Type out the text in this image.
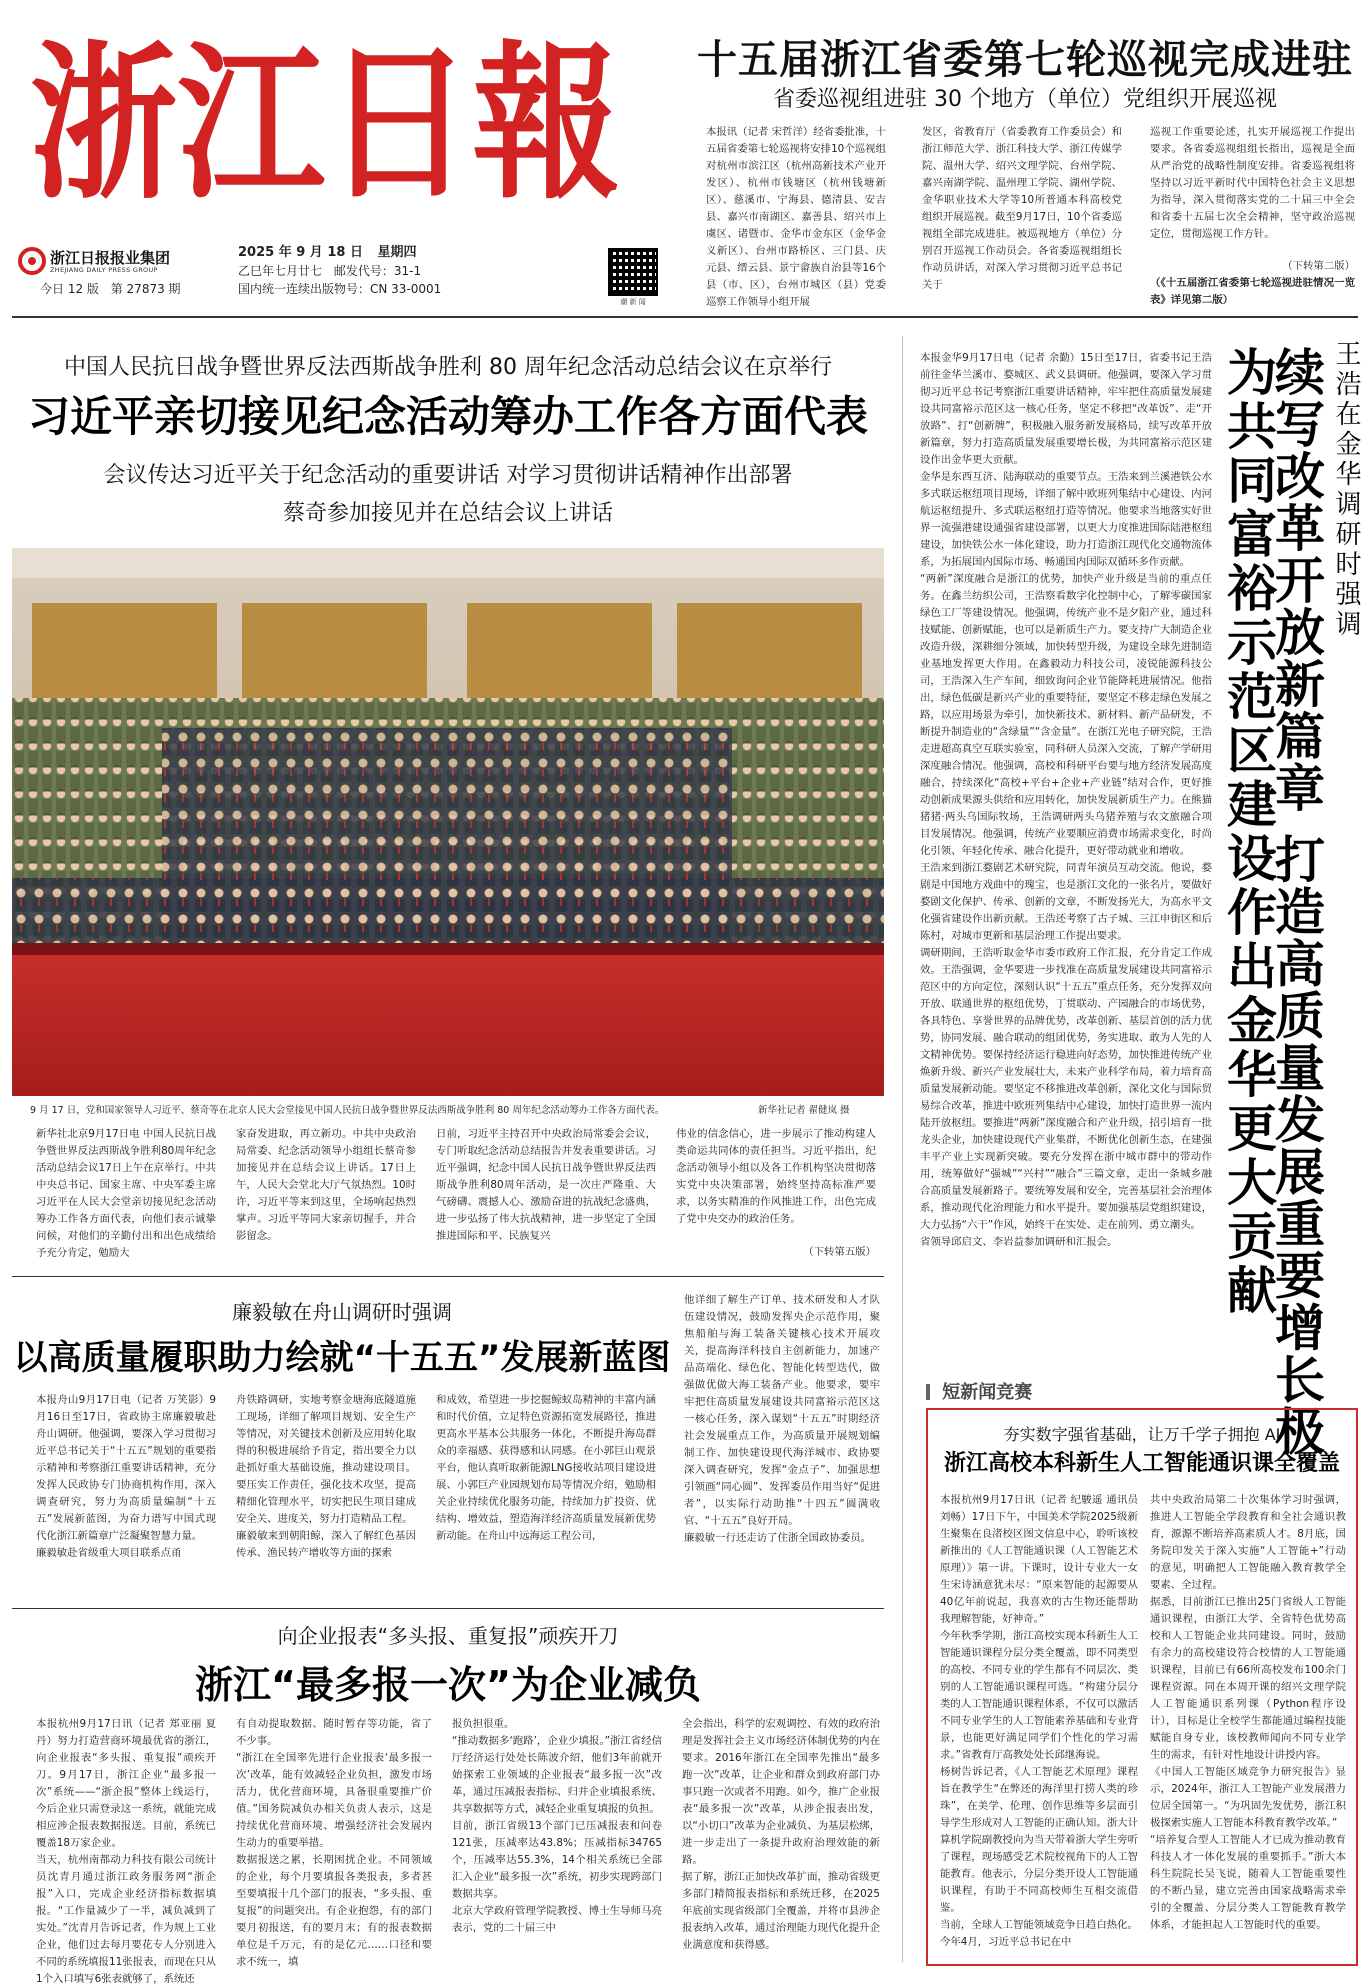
浙江日報
浙江日报报业集团
ZHEJIANG DAILY PRESS GROUP
今日 12 版 第 27873 期
2025 年 9 月 18 日 星期四
乙巳年七月廿七 邮发代号：31-1
国内统一连续出版物号：CN 33-0001
潮 新 闻
十五届浙江省委第七轮巡视完成进驻
省委巡视组进驻 30 个地方（单位）党组织开展巡视
本报讯（记者 宋哲洋）经省委批准，十五届省委第七轮巡视将安排10个巡视组对杭州市滨江区（杭州高新技术产业开发区）、杭州市钱塘区（杭州钱塘新区）、慈溪市、宁海县、德清县、安吉县、嘉兴市南湖区、嘉善县、绍兴市上虞区、诸暨市、金华市金东区（金华金义新区）、台州市路桥区、三门县、庆元县、缙云县、景宁畲族自治县等16个县（市、区），台州市城区（县）党委巡察工作领导小组开展
发区，省教育厅（省委教育工作委员会）和浙江师范大学、浙江科技大学、浙江传媒学院、温州大学、绍兴文理学院、台州学院、嘉兴南湖学院、温州理工学院、湖州学院、金华职业技术大学等10所普通本科高校党组织开展巡视。截至9月17日，10个省委巡视组全部完成进驻。被巡视地方（单位）分别召开巡视工作动员会。各省委巡视组组长作动员讲话，对深入学习贯彻习近平总书记关于
巡视工作重要论述，扎实开展巡视工作提出要求。各省委巡视组组长指出，巡视是全面从严治党的战略性制度安排。省委巡视组将坚持以习近平新时代中国特色社会主义思想为指导，深入贯彻落实党的二十届三中全会和省委十五届七次全会精神，坚守政治巡视定位，贯彻巡视工作方针。
（下转第二版）
（《十五届浙江省委第七轮巡视进驻情况一览表》详见第二版）
中国人民抗日战争暨世界反法西斯战争胜利 80 周年纪念活动总结会议在京举行
习近平亲切接见纪念活动筹办工作各方面代表
会议传达习近平关于纪念活动的重要讲话 对学习贯彻讲话精神作出部署
蔡奇参加接见并在总结会议上讲话
9 月 17 日，党和国家领导人习近平、蔡奇等在北京人民大会堂接见中国人民抗日战争暨世界反法西斯战争胜利 80 周年纪念活动筹办工作各方面代表。	新华社记者 翟健岚 摄
新华社北京9月17日电 中国人民抗日战争暨世界反法西斯战争胜利80周年纪念活动总结会议17日上午在京举行。中共中央总书记、国家主席、中央军委主席习近平在人民大会堂亲切接见纪念活动筹办工作各方面代表，向他们表示诚挚问候，对他们的辛勤付出和出色成绩给予充分肯定，勉励大
家奋发进取，再立新功。中共中央政治局常委、纪念活动领导小组组长蔡奇参加接见并在总结会议上讲话。17日上午，人民大会堂北大厅气氛热烈。10时许，习近平等来到这里，全场响起热烈掌声。习近平等同大家亲切握手，并合影留念。
日前，习近平主持召开中央政治局常委会会议，专门听取纪念活动总结报告并发表重要讲话。习近平强调，纪念中国人民抗日战争暨世界反法西斯战争胜利80周年活动，是一次庄严隆重、大气磅礴、震撼人心、激励奋进的抗战纪念盛典，进一步弘扬了伟大抗战精神，进一步坚定了全国推进国际和平、民族复兴
伟业的信念信心，进一步展示了推动构建人类命运共同体的责任担当。习近平指出，纪念活动领导小组以及各工作机构坚决贯彻落实党中央决策部署，始终坚持高标准严要求，以务实精准的作风推进工作，出色完成了党中央交办的政治任务。
（下转第五版）
本报金华9月17日电（记者 余勤）15日至17日，省委书记王浩前往金华兰溪市、婺城区、武义县调研。他强调，要深入学习贯彻习近平总书记考察浙江重要讲话精神，牢牢把住高质量发展建设共同富裕示范区这一核心任务，坚定不移把“改革饭”、走“开放路”、打“创新牌”，积极融入服务新发展格局，续写改革开放新篇章，努力打造高质量发展重要增长极，为共同富裕示范区建设作出金华更大贡献。
金华是东西互济、陆海联动的重要节点。王浩来到兰溪港铁公水多式联运枢纽项目现场，详细了解中欧班列集结中心建设、内河航运枢纽提升、多式联运枢纽打造等情况。他要求当地落实好世界一流强港建设通强省建设部署，以更大力度推进国际陆港枢纽建设，加快铁公水一体化建设，助力打造浙江现代化交通物流体系，为拓展国内国际市场、畅通国内国际双循环多作贡献。
“两新”深度融合是浙江的优势，加快产业升级是当前的重点任务。在鑫兰纺织公司，王浩察看数字化控制中心，了解零碳国家绿色工厂等建设情况。他强调，传统产业不是夕阳产业，通过科技赋能、创新赋能，也可以是新质生产力。要支持广大制造企业改造升级，深耕细分领域，加快转型升级，为建设全球先进制造业基地发挥更大作用。在鑫毅动力科技公司，凌锐能源科技公司，王浩深入生产车间，细致询问企业节能降耗进展情况。他指出，绿色低碳是新兴产业的重要特征，要坚定不移走绿色发展之路，以应用场景为牵引，加快新技术、新材料、新产品研发，不断提升制造业的“含绿量”“含金量”。在浙江光电子研究院，王浩走进超高真空互联实验室，同科研人员深入交流，了解产学研用深度融合情况。他强调，高校和科研平台要与地方经济发展高度融合，持续深化“高校+平台+企业+产业链”结对合作，更好推动创新成果源头供给和应用转化，加快发展新质生产力。在熊猫猪猪·两头乌国际牧场，王浩调研两头乌猪养殖与农文旅融合项目发展情况。他强调，传统产业要顺应消费市场需求变化，时尚化引领、年轻化传承、融合化提升，更好带动就业和增收。
王浩来到浙江婺剧艺术研究院，同青年演员互动交流。他说，婺剧是中国地方戏曲中的瑰宝，也是浙江文化的一张名片，要做好婺剧文化保护、传承、创新的文章，不断发扬光大，为高水平文化强省建设作出新贡献。王浩还考察了古子城、三江申街区和后陈村，对城市更新和基层治理工作提出要求。
调研期间，王浩听取金华市委市政府工作汇报，充分肯定工作成效。王浩强调，金华要进一步找准在高质量发展建设共同富裕示范区中的方向定位，深刻认识“十五五”重点任务，充分发挥双向开放、联通世界的枢纽优势，丁贯联动、产园融合的市场优势，各具特色、享誉世界的品牌优势，改革创新、基层首创的活力优势，协同发展、融合联动的组团优势，务实进取、敢为人先的人文精神优势。要保持经济运行稳进向好态势，加快推进传统产业焕新升级、新兴产业发展壮大，未来产业科学布局，着力培育高质量发展新动能。要坚定不移推进改革创新，深化文化与国际贸易综合改革，推进中欧班列集结中心建设，加快打造世界一流内陆开放枢纽。要推进“两新”深度融合和产业升级，招引培育一批龙头企业，加快建设现代产业集群，不断优化创新生态，在建强丰平产业上实现新突破。要充分发挥在浙中城市群中的带动作用，统筹做好“强城”“兴村”“融合”三篇文章，走出一条城乡融合高质量发展新路子。要统筹发展和安全，完善基层社会治理体系，推动现代化治理能力和水平提升。要加强基层党组织建设，大力弘扬“六干”作风，始终干在实处、走在前列、勇立潮头。
省领导邱启文、李岩益参加调研和汇报会。
王浩在金华调研时强调
续写改革开放新篇章 打造高质量发展重要增长极
为共同富裕示范区建设作出金华更大贡献
廉毅敏在舟山调研时强调
以高质量履职助力绘就“十五五”发展新蓝图
本报舟山9月17日电（记者 万笑影）9月16日至17日，省政协主席廉毅敏赴舟山调研。他强调，要深入学习贯彻习近平总书记关于“十五五”规划的重要指示精神和考察浙江重要讲话精神，充分发挥人民政协专门协商机构作用，深入调查研究，努力为高质量编制“十五五”发展新蓝图，为奋力谱写中国式现代化浙江新篇章广泛凝聚智慧力量。
廉毅敏赴省级重大项目联系点甬
舟铁路调研，实地考察金塘海底隧道施工现场，详细了解项目规划、安全生产等情况，对关键技术创新及应用转化取得的积极进展给予肯定，指出要全力以赴抓好重大基础设施，推动建设项目。要压实工作责任，强化技术攻坚，提高精细化管理水平，切实把民生项目建成安全关、进度关，努力打造精品工程。
廉毅敏来到朝阳鲸，深入了解红色基因传承、渔民转产增收等方面的探索
和成效，希望进一步挖掘鲸蚁岛精神的丰富内涵和时代价值，立足特色资源拓宽发展路径，推进更高水平基本公共服务一体化，不断提升海岛群众的幸福感、获得感和认同感。在小郭巨山观景平台，他认真听取新能源LNG接收站项目建设进展、小郭巨产业园规划布局等情况介绍，勉励相关企业持续优化服务功能，持续加力扩投资、优结构、增效益，塑造海洋经济高质量发展新优势新动能。在舟山中远海运工程公司，
他详细了解生产订单、技术研发和人才队伍建设情况，鼓励发挥央企示范作用，聚焦船舶与海工装备关键核心技术开展攻关，提高海洋科技自主创新能力，加速产品高端化、绿色化、智能化转型迭代，做强做优做大海工装备产业。他要求，要牢牢把住高质量发展建设共同富裕示范区这一核心任务，深入谋划“十五五”时期经济社会发展重点工作，为高质量开展规划编制工作、加快建设现代海洋城市、政协要深入调查研究，发挥“金点子”、加强思想引领画“同心圆”、发挥委员作用当好“促进者”，以实际行动助推“十四五”圆满收官、“十五五”良好开局。
廉毅敏一行还走访了住浙全国政协委员。
向企业报表“多头报、重复报”顽疾开刀
浙江“最多报一次”为企业减负
本报杭州9月17日讯（记者 郑亚丽 夏丹）努力打造营商环境最优省的浙江，向企业报表“多头报、重复报”顽疾开刀。9月17日，浙江企业“最多报一次”系统——“浙企报”整体上线运行，今后企业只需登录这一系统，就能完成相应涉企报表数据报送。目前，系统已覆盖18万家企业。
当天，杭州南都动力科技有限公司统计员沈青月通过浙江政务服务网“浙企报”入口，完成企业经济指标数据填报。“工作量减少了一半，减负减到了实处。”沈青月告诉记者，作为规上工业企业，他们过去每月要花专人分别进入不同的系统填报11张报表，而现在只从1个入口填写6张表就够了，系统还
有自动提取数据、随时暂存等功能，省了不少事。
“浙江在全国率先进行企业报表‘最多报一次’改革，能有效减轻企业负担，激发市场活力，优化营商环境，具备很重要推广价值。”国务院减负办相关负责人表示，这是持续优化营商环境、增强经济社会发展内生动力的重要举措。
数据报送之累，长期困扰企业。不同领域的企业，每个月要填报各类报表，多者甚至要填报十几个部门的报表，“多头报、重复报”的问题突出。有企业抱怨，有的部门要月初报送，有的要月末；有的报表数据单位是千万元，有的是亿元……口径和要求不统一，填
报负担很重。
“推动数据多‘跑路’，企业少填报。”浙江省经信厅经济运行处处长陈波介绍，他们3年前就开始探索工业领域的企业报表“最多报一次”改革，通过压减报表指标、归并企业填报系统、共享数据等方式，减轻企业重复填报的负担。
目前，浙江省级13个部门已压减报表和问卷121张，压减率达43.8%；压减指标34765个，压减率达55.3%，14个相关系统已全部汇入企业“最多报一次”系统，初步实现跨部门数据共享。
北京大学政府管理学院教授、博士生导师马亮表示，党的二十届三中
全会指出，科学的宏观调控、有效的政府治理是发挥社会主义市场经济体制优势的内在要求。2016年浙江在全国率先推出“最多跑一次”改革，让企业和群众到政府部门办事只跑一次或者不用跑。如今，推广企业报表“最多报一次”改革，从涉企报表出发，以“小切口”改革为企业减负、为基层松绑，进一步走出了一条提升政府治理效能的新路。
据了解，浙江正加快改革扩面，推动省级更多部门精简报表指标和系统迁移，在2025年底前实现省级部门全覆盖，并将市县涉企报表纳入改革，通过治理能力现代化提升企业满意度和获得感。
短新闻竞赛
夯实数字强省基础，让万千学子拥抱 AI
浙江高校本科新生人工智能通识课全覆盖
本报杭州9月17日讯（记者 纪駿遥 通讯员 刘畅）17日下午，中国美术学院2025级新生聚集在良渚校区图文信息中心，聆听该校新推出的《人工智能通识课（人工智能艺术原理）》第一讲。下课时，设计专业大一女生宋诗涵意犹未尽：“原来智能的起源要从40亿年前说起，我喜欢的古生物还能帮助我理解智能，好神奇。”
今年秋季学期，浙江高校实现本科新生人工智能通识课程分层分类全覆盖，即不同类型的高校、不同专业的学生都有不同层次、类别的人工智能通识课程可选。“构建分层分类的人工智能通识课程体系，不仅可以激活不同专业学生的人工智能素养基础和专业背景，也能更好满足同学们个性化的学习需求。”省教育厅高教处处长邱继海说。
杨树告诉记者，《人工智能艺术原理》课程旨在教学生“在弊还的海洋里打捞人类的珍珠”，在美学、伦理、创作思维等多层面引导学生形成对人工智能的正确认知。浙大计算机学院副教授向为当天带着浙大学生旁听了课程，现场感受艺术院校视角下的人工智能教育。他表示，分层分类开设人工智能通识课程，有助于不同高校师生互相交流借鉴。
当前，全球人工智能领域竞争日趋白热化。今年4月，习近平总书记在中
共中央政治局第二十次集体学习时强调，推进人工智能全学段教育和全社会通识教育，源源不断培养高素质人才。8月底，国务院印发关于深入实施“人工智能+”行动的意见，明确把人工智能融入教育教学全要素、全过程。
据悉，目前浙江已推出25门省级人工智能通识课程，由浙江大学、全省特色优势高校和人工智能企业共同建设。同时，鼓励有余力的高校建设符合校情的人工智能通识课程，目前已有66所高校发布100余门课程资源。同在本周开课的绍兴文理学院人工智能通识系列课（Python程序设计），目标是让全校学生都能通过编程技能赋能自身专业，该校教师闻向不同专业学生的需求，有针对性地设计讲授内容。
《中国人工智能区域竞争力研究报告》显示，2024年，浙江人工智能产业发展潜力位居全国第一。“为巩固先发优势，浙江积极探索实施人工智能本科教育教学改革。”
“培养复合型人工智能人才已成为推动教育科技人才一体化发展的重要抓手。”浙大本科生院院长吴飞说，随着人工智能重要性的不断凸显，建立完善由国家战略需求牵引的全覆盖、分层分类人工智能教育教学体系，才能担起人工智能时代的重要。
